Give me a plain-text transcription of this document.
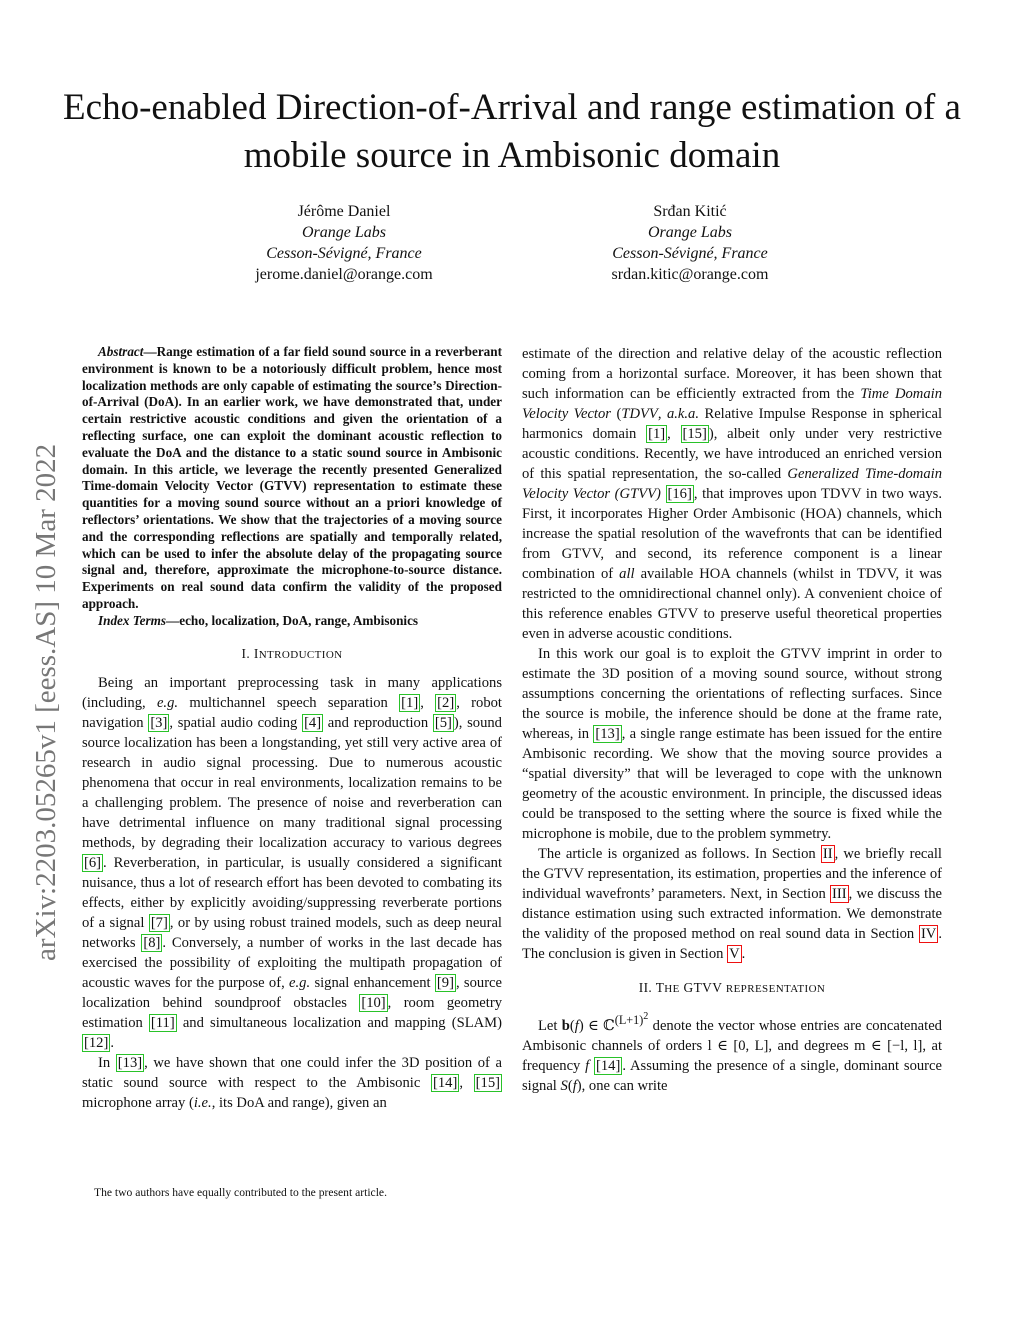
Echo-enabled Direction-of-Arrival and range estimation of a mobile source in Ambisonic domain
Jérôme Daniel
Orange Labs
Cesson-Sévigné, France
jerome.daniel@orange.com
Srđan Kitić
Orange Labs
Cesson-Sévigné, France
srdan.kitic@orange.com
arXiv:2203.05265v1 [eess.AS] 10 Mar 2022

Abstract—Range estimation of a far field sound source in a reverberant environment is known to be a notoriously difficult problem, hence most localization methods are only capable of estimating the source’s Direction-of-Arrival (DoA). In an earlier work, we have demonstrated that, under certain restrictive acoustic conditions and given the orientation of a reflecting surface, one can exploit the dominant acoustic reflection to evaluate the DoA and the distance to a static sound source in Ambisonic domain. In this article, we leverage the recently presented Generalized Time-domain Velocity Vector (GTVV) representation to estimate these quantities for a moving sound source without an a priori knowledge of reflectors’ orientations. We show that the trajectories of a moving source and the corresponding reflections are spatially and temporally related, which can be used to infer the absolute delay of the propagating source signal and, therefore, approximate the microphone-to-source distance. Experiments on real sound data confirm the validity of the proposed approach.

Index Terms—echo, localization, DoA, range, Ambisonics

I. INTRODUCTION

Being an important preprocessing task in many applications (including, e.g. multichannel speech separation [1] , [2] , robot navigation [3] , spatial audio coding [4] and reproduction [5] ), sound source localization has been a longstanding, yet still very active area of research in audio signal processing. Due to numerous acoustic phenomena that occur in real environments, localization remains to be a challenging problem. The presence of noise and reverberation can have detrimental influence on many traditional signal processing methods, by degrading their localization accuracy to various degrees [6] . Reverberation, in particular, is usually considered a significant nuisance, thus a lot of research effort has been devoted to combating its effects, either by explicitly avoiding/suppressing reverberate portions of a signal [7] , or by using robust trained models, such as deep neural networks [8] . Conversely, a number of works in the last decade has exercised the possibility of exploiting the multipath propagation of acoustic waves for the purpose of, e.g. signal enhancement [9] , source localization behind soundproof obstacles [10] , room geometry estimation [11] and simultaneous localization and mapping (SLAM) [12] .

In [13] , we have shown that one could infer the 3D position of a static sound source with respect to the Ambisonic [14] , [15] microphone array (i.e., its DoA and range), given an

The two authors have equally contributed to the present article.

estimate of the direction and relative delay of the acoustic reflection coming from a horizontal surface. Moreover, it has been shown that such information can be efficiently extracted from the Time Domain Velocity Vector (TDVV, a.k.a. Relative Impulse Response in spherical harmonics domain [1] , [15] ), albeit only under very restrictive acoustic conditions. Recently, we have introduced an enriched version of this spatial representation, the so-called Generalized Time-domain Velocity Vector (GTVV) [16] , that improves upon TDVV in two ways. First, it incorporates Higher Order Ambisonic (HOA) channels, which increase the spatial resolution of the wavefronts that can be identified from GTVV, and second, its reference component is a linear combination of all available HOA channels (whilst in TDVV, it was restricted to the omnidirectional channel only). A convenient choice of this reference enables GTVV to preserve useful theoretical properties even in adverse acoustic conditions.

In this work our goal is to exploit the GTVV imprint in order to estimate the 3D position of a moving sound source, without strong assumptions concerning the orientations of reflecting surfaces. Since the source is mobile, the inference should be done at the frame rate, whereas, in [13] , a single range estimate has been issued for the entire Ambisonic recording. We show that the moving source provides a “spatial diversity” that will be leveraged to cope with the unknown geometry of the acoustic environment. In principle, the discussed ideas could be transposed to the setting where the source is fixed while the microphone is mobile, due to the problem symmetry.

The article is organized as follows. In Section II , we briefly recall the GTVV representation, its estimation, properties and the inference of individual wavefronts’ parameters. Next, in Section III , we discuss the distance estimation using such extracted information. We demonstrate the validity of the proposed method on real sound data in Section IV . The conclusion is given in Section V .

II. THE GTVV REPRESENTATION

Let b(f) ∈ ℂ$^{(L+1)^2}$ denote the vector whose entries are concatenated Ambisonic channels of orders l ∈ [0, L], and degrees m ∈ [−l, l], at frequency f [14] . Assuming the presence of a single, dominant source signal S(f), one can write
